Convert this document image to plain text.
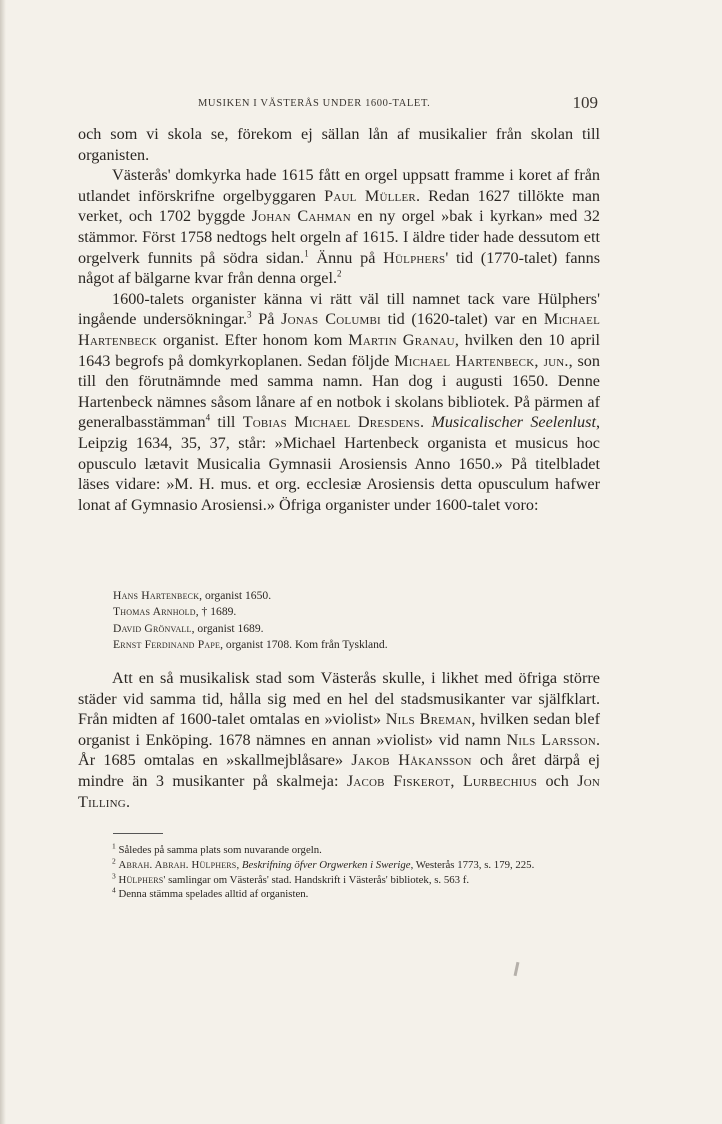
MUSIKEN I VÄSTERÅS UNDER 1600-TALET.	109

och som vi skola se, förekom ej sällan lån af musikalier från skolan till organisten.

Västerås' domkyrka hade 1615 fått en orgel uppsatt framme i koret af från utlandet införskrifne orgelbyggaren Paul Müller. Redan 1627 tillökte man verket, och 1702 byggde Johan Cahman en ny orgel »bak i kyrkan» med 32 stämmor. Först 1758 nedtogs helt orgeln af 1615. I äldre tider hade dessutom ett orgelverk funnits på södra sidan.$^1$ Ännu på Hülphers' tid (1770-talet) fanns något af bälgarne kvar från denna orgel.$^2$

1600-talets organister känna vi rätt väl till namnet tack vare Hülphers' ingående undersökningar.$^3$ På Jonas Columbi tid (1620-talet) var en Michael Hartenbeck organist. Efter honom kom Martin Granau, hvilken den 10 april 1643 begrofs på domkyrkoplanen. Sedan följde Michael Hartenbeck, jun., son till den förutnämnde med samma namn. Han dog i augusti 1650. Denne Hartenbeck nämnes såsom lånare af en notbok i skolans bibliotek. På pärmen af generalbasstämman$^4$ till Tobias Michael Dresdens. Musicalischer Seelenlust, Leipzig 1634, 35, 37, står: »Michael Hartenbeck organista et musicus hoc opusculo lætavit Musicalia Gymnasii Arosiensis Anno 1650.» På titelbladet läses vidare: »M. H. mus. et org. ecclesiæ Arosiensis detta opusculum hafwer lonat af Gymnasio Arosiensi.» Öfriga organister under 1600-talet voro:

Hans Hartenbeck, organist 1650.
Thomas Arnhold, † 1689.
David Grönvall, organist 1689.
Ernst Ferdinand Pape, organist 1708. Kom från Tyskland.

Att en så musikalisk stad som Västerås skulle, i likhet med öfriga större städer vid samma tid, hålla sig med en hel del stadsmusikanter var själfklart. Från midten af 1600-talet omtalas en »violist» Nils Breman, hvilken sedan blef organist i Enköping. 1678 nämnes en annan »violist» vid namn Nils Larsson. År 1685 omtalas en »skallmejblåsare» Jakob Håkansson och året därpå ej mindre än 3 musikanter på skalmeja: Jacob Fiskerot, Lurbechius och Jon Tilling.

$^1$ Således på samma plats som nuvarande orgeln.

$^2$ Abrah. Abrah. Hülphers, Beskrifning öfver Orgwerken i Swerige, Westerås 1773, s. 179, 225.

$^3$ Hülphers' samlingar om Västerås' stad. Handskrift i Västerås' bibliotek, s. 563 f.

$^4$ Denna stämma spelades alltid af organisten.
